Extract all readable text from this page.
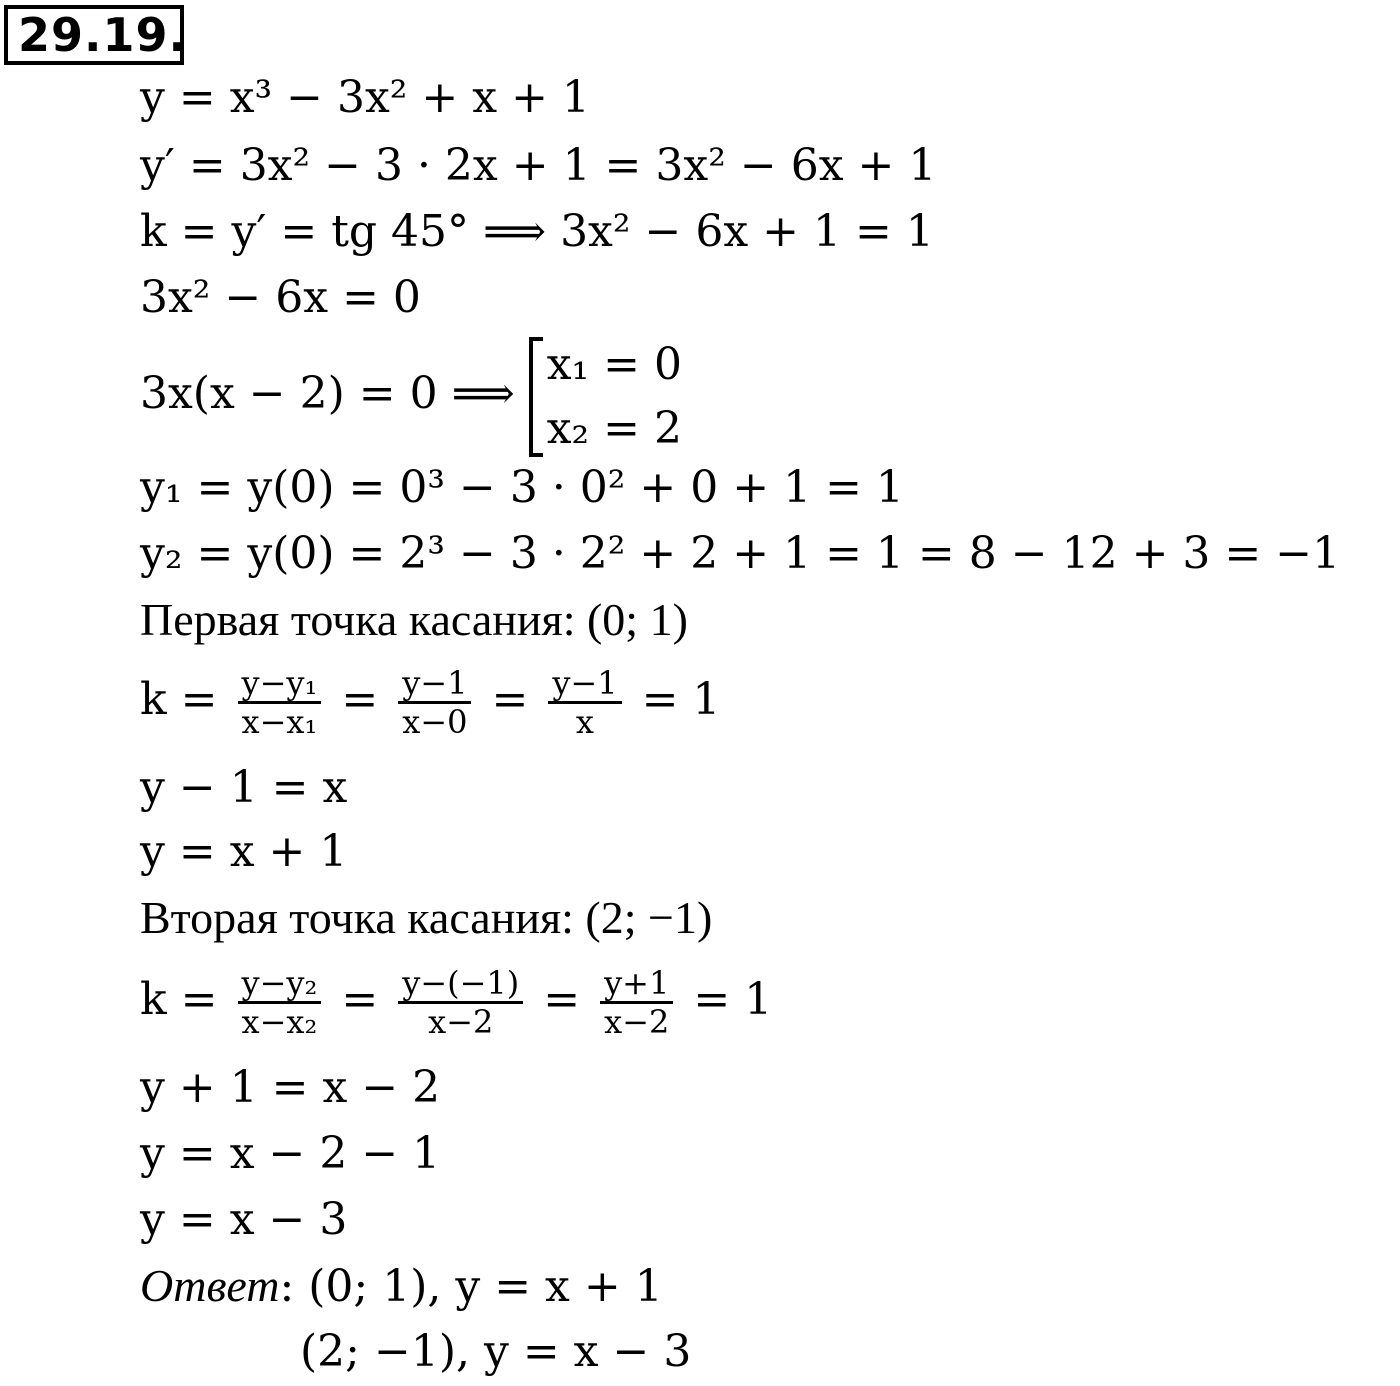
29.19.
y = x³ − 3x² + x + 1
y′ = 3x² − 3 · 2x + 1 = 3x² − 6x + 1
k = y′ = tg 45° ⟹ 3x² − 6x + 1 = 1
3x² − 6x = 0
3x(x − 2) = 0 ⟹
x₁ = 0
x₂ = 2
y₁ = y(0) = 0³ − 3 · 0² + 0 + 1 = 1
y₂ = y(0) = 2³ − 3 · 2² + 2 + 1 = 1 = 8 − 12 + 3 = −1
Первая точка касания: (0; 1)
$k = \frac{\text{y−y₁}}{\text{x−x₁}} = \frac{y-1}{x-0} = \frac{y-1}{x} = 1$
y − 1 = x
y = x + 1
Вторая точка касания: (2; −1)
$k = \frac{\text{y−y₂}}{\text{x−x₂}} = \frac{y-(-1)}{x-2} = \frac{y+1}{x-2} = 1$
y + 1 = x − 2
y = x − 2 − 1
y = x − 3
Ответ: (0; 1), y = x + 1
(2; −1), y = x − 3
